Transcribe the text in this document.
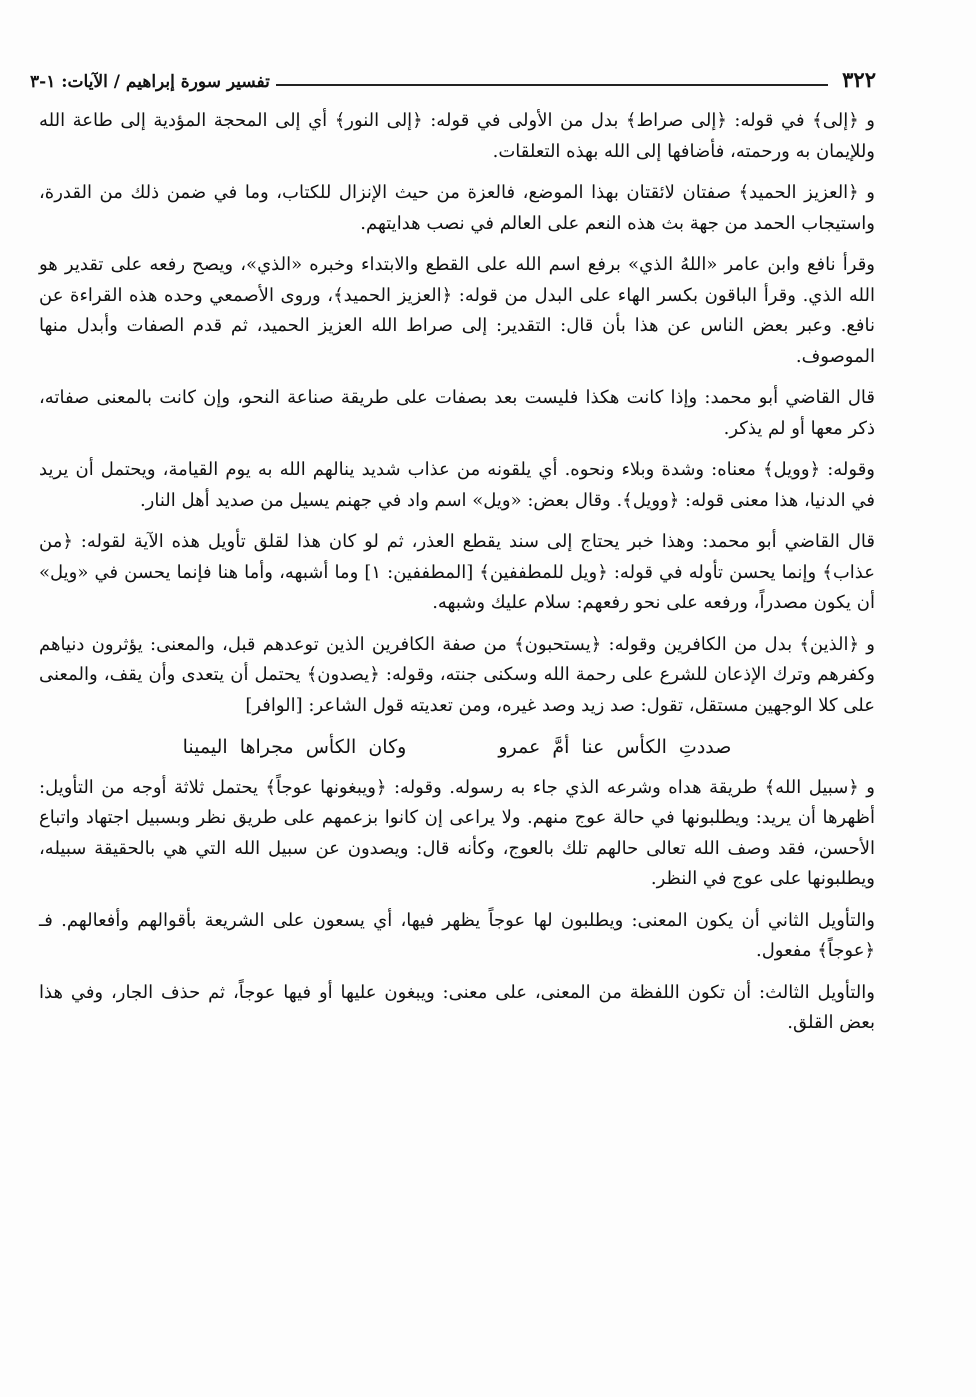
٣٢٢
تفسير سورة إبراهيم / الآيات: ١-٣

و ﴿إلى﴾ في قوله: ﴿إلى صراط﴾ بدل من الأولى في قوله: ﴿إلى النور﴾ أي إلى المحجة المؤدية إلى طاعة الله وللإيمان به ورحمته، فأضافها إلى الله بهذه التعلقات.

و ﴿العزيز الحميد﴾ صفتان لائقتان بهذا الموضع، فالعزة من حيث الإنزال للكتاب، وما في ضمن ذلك من القدرة، واستيجاب الحمد من جهة بث هذه النعم على العالم في نصب هدايتهم.

وقرأ نافع وابن عامر «اللهُ الذي» برفع اسم الله على القطع والابتداء وخبره «الذي»، ويصح رفعه على تقدير هو الله الذي. وقرأ الباقون بكسر الهاء على البدل من قوله: ﴿العزيز الحميد﴾، وروى الأصمعي وحده هذه القراءة عن نافع. وعبر بعض الناس عن هذا بأن قال: التقدير: إلى صراط الله العزيز الحميد، ثم قدم الصفات وأبدل منها الموصوف.

قال القاضي أبو محمد: وإذا كانت هكذا فليست بعد بصفات على طريقة صناعة النحو، وإن كانت بالمعنى صفاته، ذكر معها أو لم يذكر.

وقوله: ﴿وويل﴾ معناه: وشدة وبلاء ونحوه. أي يلقونه من عذاب شديد ينالهم الله به يوم القيامة، ويحتمل أن يريد في الدنيا، هذا معنى قوله: ﴿وويل﴾. وقال بعض: «ويل» اسم واد في جهنم يسيل من صديد أهل النار.

قال القاضي أبو محمد: وهذا خبر يحتاج إلى سند يقطع العذر، ثم لو كان هذا لقلق تأويل هذه الآية لقوله: ﴿من عذاب﴾ وإنما يحسن تأوله في قوله: ﴿ويل للمطففين﴾ [المطففين: ١] وما أشبهه، وأما هنا فإنما يحسن في «ويل» أن يكون مصدراً، ورفعه على نحو رفعهم: سلام عليك وشبهه.

و ﴿الذين﴾ بدل من الكافرين وقوله: ﴿يستحبون﴾ من صفة الكافرين الذين توعدهم قبل، والمعنى: يؤثرون دنياهم وكفرهم وترك الإذعان للشرع على رحمة الله وسكنى جنته، وقوله: ﴿يصدون﴾ يحتمل أن يتعدى وأن يقف، والمعنى على كلا الوجهين مستقل، تقول: صد زيد وصد غيره، ومن تعديته قول الشاعر: [الوافر]

صددتِ الكأس عنا أمَّ عمرو وكان الكأس مجراها اليمينا

و ﴿سبيل الله﴾ طريقة هداه وشرعه الذي جاء به رسوله. وقوله: ﴿ويبغونها عوجاً﴾ يحتمل ثلاثة أوجه من التأويل: أظهرها أن يريد: ويطلبونها في حالة عوج منهم. ولا يراعى إن كانوا بزعمهم على طريق نظر وبسبيل اجتهاد واتباع الأحسن، فقد وصف الله تعالى حالهم تلك بالعوج، وكأنه قال: ويصدون عن سبيل الله التي هي بالحقيقة سبيله، ويطلبونها على عوج في النظر.

والتأويل الثاني أن يكون المعنى: ويطلبون لها عوجاً يظهر فيها، أي يسعون على الشريعة بأقوالهم وأفعالهم. فـ ﴿عوجاً﴾ مفعول.

والتأويل الثالث: أن تكون اللفظة من المعنى، على معنى: ويبغون عليها أو فيها عوجاً، ثم حذف الجار، وفي هذا بعض القلق.
